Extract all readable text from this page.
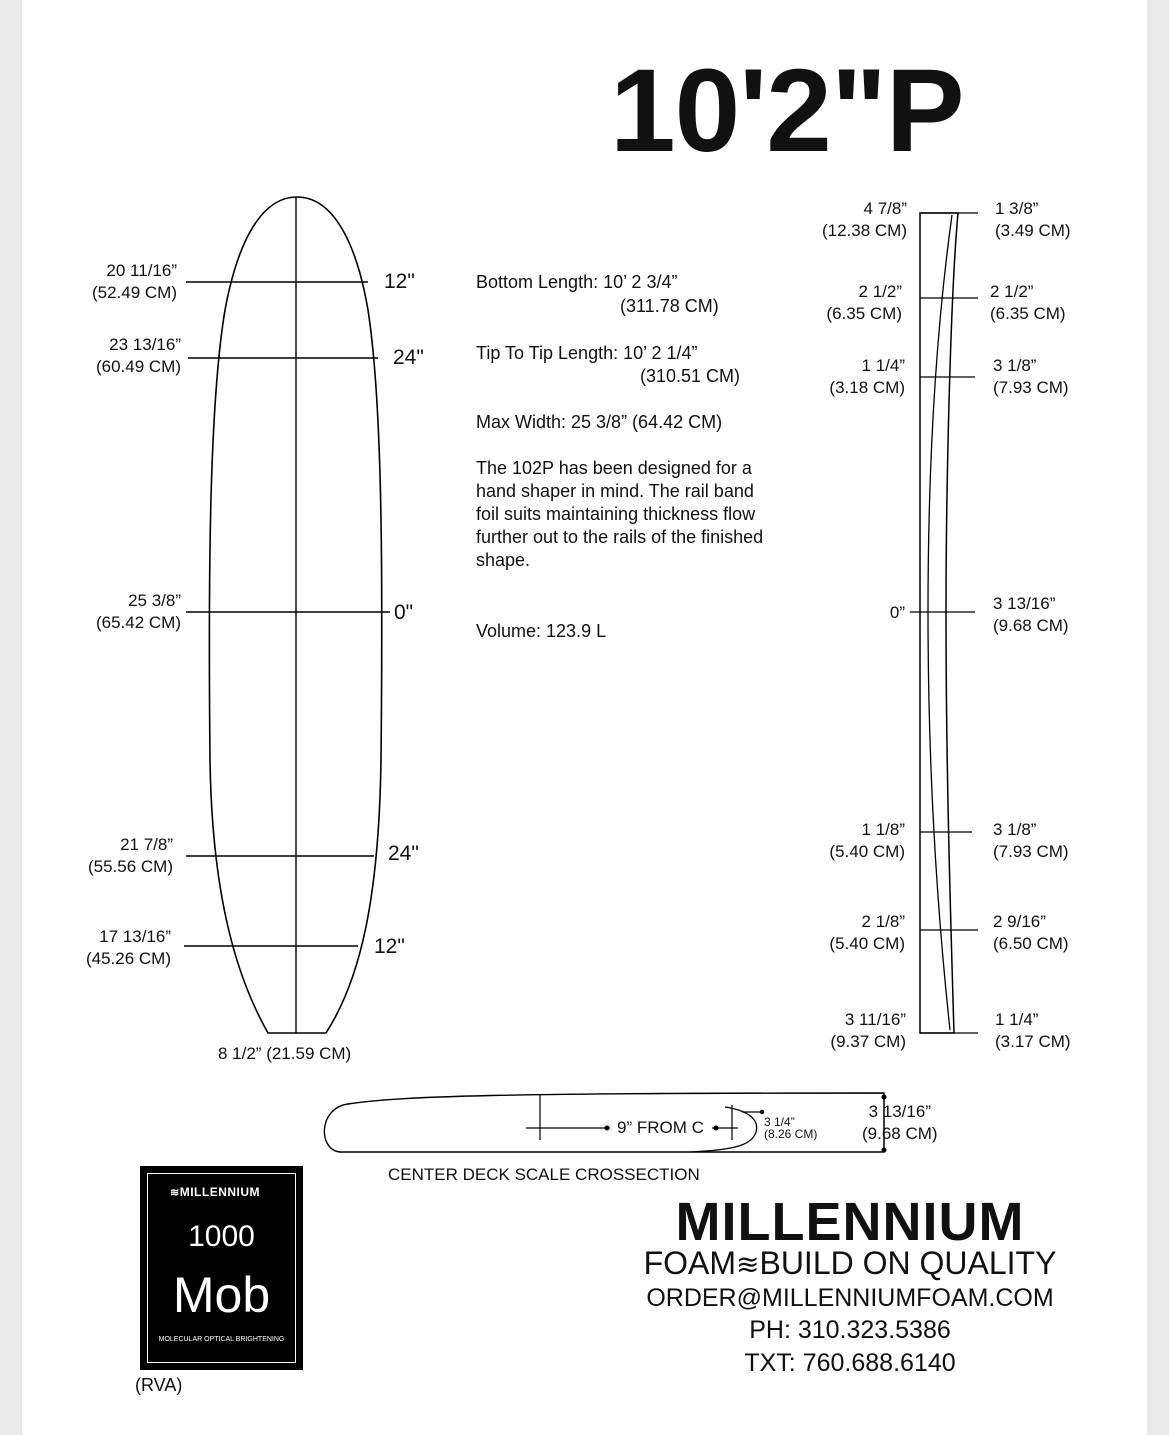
10'2"P
20 11/16”
(52.49 CM)
23 13/16”
(60.49 CM)
25 3/8”
(65.42 CM)
21 7/8”
(55.56 CM)
17 13/16”
(45.26 CM)
12"
24"
0"
24"
12"
8 1/2” (21.59 CM)
Bottom Length: 10’ 2 3/4”
(311.78 CM)
Tip To Tip Length: 10’ 2 1/4”
(310.51 CM)
Max Width: 25 3/8” (64.42 CM)
The 102P has been designed for a
hand shaper in mind. The rail band
foil suits maintaining thickness flow
further out to the rails of the finished
shape.
Volume: 123.9 L
4 7/8”
(12.38 CM)
2 1/2”
(6.35 CM)
1 1/4”
(3.18 CM)
0”
1 1/8”
(5.40 CM)
2 1/8”
(5.40 CM)
3 11/16”
(9.37 CM)
1 3/8”
(3.49 CM)
2 1/2”
(6.35 CM)
3 1/8”
(7.93 CM)
3 13/16”
(9.68 CM)
3 1/8”
(7.93 CM)
2 9/16”
(6.50 CM)
1 1/4”
(3.17 CM)
9” FROM C	3 1/4”
(8.26 CM)
3 13/16”
(9.68 CM)
CENTER DECK SCALE CROSSECTION
≋MILLENNIUM
1000
Mob
MOLECULAR OPTICAL BRIGHTENING
(RVA)
MILLENNIUM
FOAM≋BUILD ON QUALITY
ORDER@MILLENNIUMFOAM.COM
PH: 310.323.5386
TXT: 760.688.6140
